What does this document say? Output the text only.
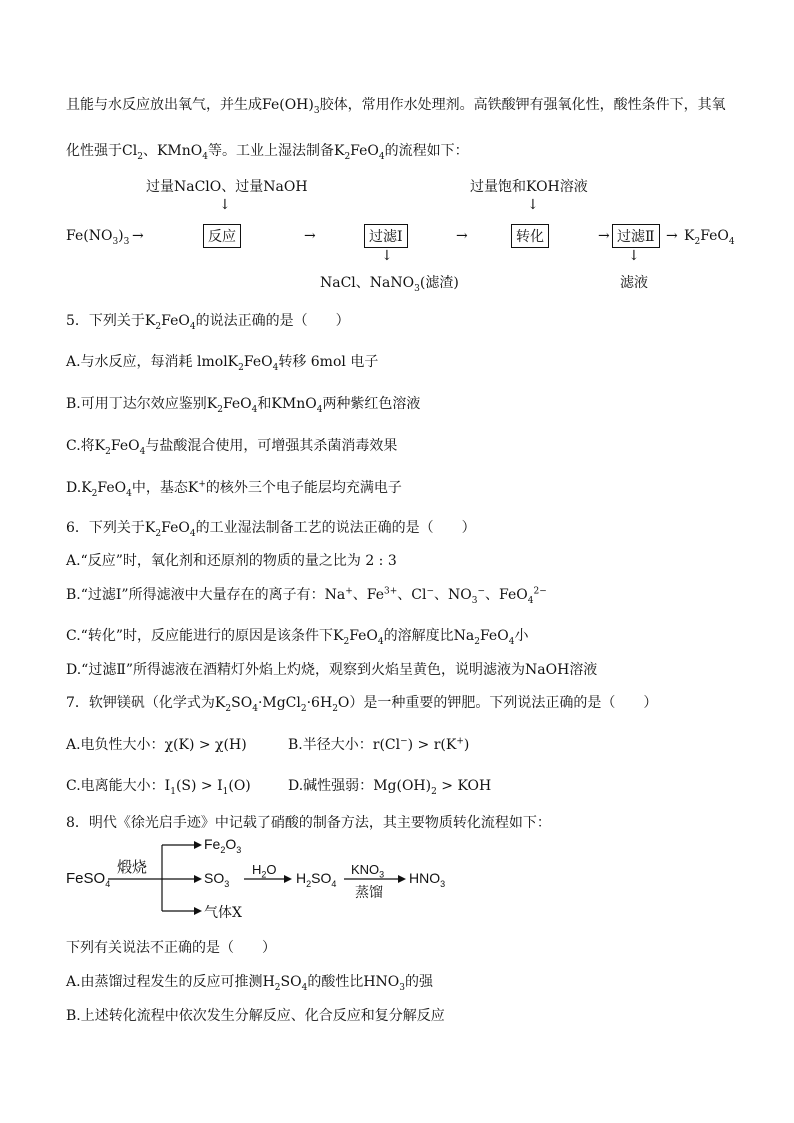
且能与水反应放出氧气，并生成$Fe(OH)_3$胶体，常用作水处理剂。高铁酸钾有强氧化性，酸性条件下，其氧
化性强于$Cl_2$、KMnO$_4$等。工业上湿法制备$K_2FeO_4$的流程如下：
过量NaClO、过量NaOH	过量饱和KOH溶液
↓	↓
$Fe(NO_3)_3$ →	反应	→	过滤Ⅰ	→	转化	→ 过滤Ⅱ → $K_2FeO_4$
↓	↓
NaCl、NaNO$_3$(滤渣)	滤液
5．下列关于$K_2FeO_4$的说法正确的是（　　）
A.与水反应，每消耗 lmolK$_2$FeO$_4$转移 6mol 电子
B.可用丁达尔效应鉴别$K_2FeO_4$和KMnO$_4$两种紫红色溶液
C.将$K_2FeO_4$与盐酸混合使用，可增强其杀菌消毒效果
$D.K_2FeO_4$中，基态K+的核外三个电子能层均充满电子
6．下列关于$K_2FeO_4$的工业湿法制备工艺的说法正确的是（　　）
A.“反应”时，氧化剂和还原剂的物质的量之比为 2 : 3
B.“过滤Ⅰ”所得滤液中大量存在的离子有：Na+、$Fe^{3+}$、Cl−、$NO_3^-$、FeO$_4^{2-}$
C.“转化”时，反应能进行的原因是该条件下$K_2FeO_4$的溶解度比$Na_2FeO_4$小
D.“过滤Ⅱ”所得滤液在酒精灯外焰上灼烧，观察到火焰呈黄色，说明滤液为NaOH溶液
7．软钾镁矾（化学式为$K_2SO_4\cdot MgCl_2\cdot 6H_2O$）是一种重要的钾肥。下列说法正确的是（　　）
A.电负性大小：χ(K) > χ(H)	B.半径大小：r(Cl−) > r(K+)
C.电离能大小：$I_1(S) > I_1(O)$	D.碱性强弱：$Mg(OH)_2$ > KOH
8．明代《徐光启手迹》中记载了硝酸的制备方法，其主要物质转化流程如下：
FeSO$_4$
煅烧
$Fe_2O_3$
$SO_3$
气体X
$H_2O$
$H_2SO_4$
$KNO_3$
蒸馏
$HNO_3$
下列有关说法不正确的是（　　）
A.由蒸馏过程发生的反应可推测$H_2SO_4$的酸性比$HNO_3$的强
B.上述转化流程中依次发生分解反应、化合反应和复分解反应
